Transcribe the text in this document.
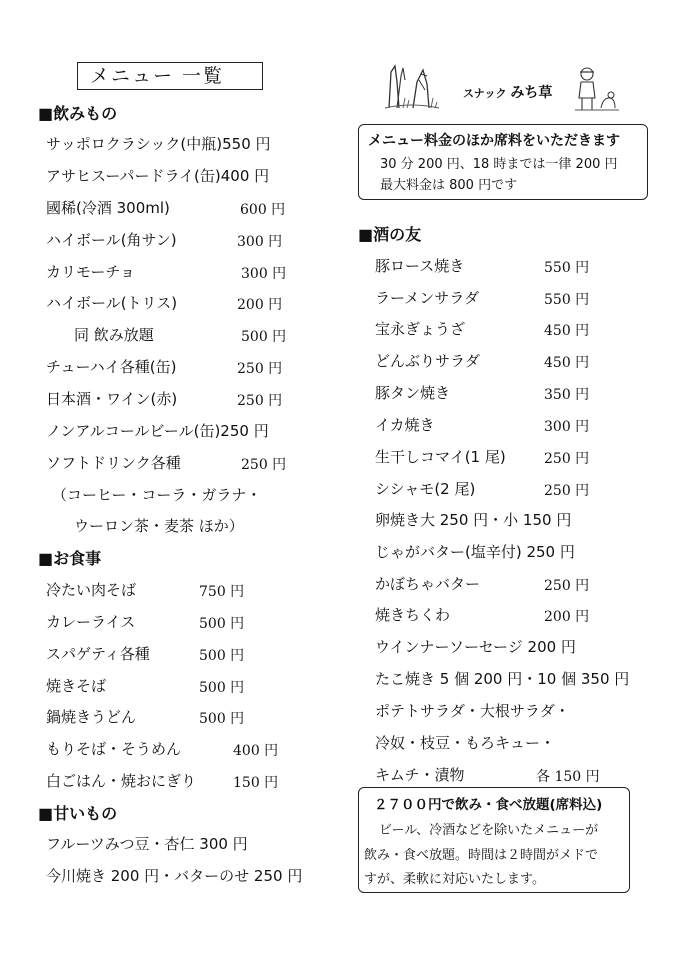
メニュー 一覧
スナック みち草
■飲みもの
サッポロクラシック(中瓶)550 円
アサヒスーパードライ(缶)400 円
國稀(冷酒 300ml)	600 円
ハイボール(角サン)	300 円
カリモーチョ	300 円
ハイボール(トリス)	200 円
同 飲み放題	500 円
チューハイ各種(缶)	250 円
日本酒・ワイン(赤)	250 円
ノンアルコールビール(缶)250 円
ソフトドリンク各種	250 円
（コーヒー・コーラ・ガラナ・
ウーロン茶・麦茶 ほか）
■お食事
冷たい肉そば	750 円
カレーライス	500 円
スパゲティ各種	500 円
焼きそば	500 円
鍋焼きうどん	500 円
もりそば・そうめん	400 円
白ごはん・焼おにぎり	150 円
■甘いもの
フルーツみつ豆・杏仁 300 円
今川焼き 200 円・バターのせ 250 円
メニュー料金のほか席料をいただきます
30 分 200 円、18 時までは一律 200 円
最大料金は 800 円です
■酒の友
豚ロース焼き	550 円
ラーメンサラダ	550 円
宝永ぎょうざ	450 円
どんぶりサラダ	450 円
豚タン焼き	350 円
イカ焼き	300 円
生干しコマイ(1 尾)	250 円
シシャモ(2 尾)	250 円
卵焼き大 250 円・小 150 円
じゃがバター(塩辛付) 250 円
かぼちゃバター	250 円
焼きちくわ	200 円
ウインナーソーセージ 200 円
たこ焼き 5 個 200 円・10 個 350 円
ポテトサラダ・大根サラダ・
冷奴・枝豆・もろキュー・
キムチ・漬物	各 150 円
２７００円で飲み・食べ放題(席料込)
ビール、冷酒などを除いたメニューが
飲み・食べ放題。時間は２時間がメドで
すが、柔軟に対応いたします。
